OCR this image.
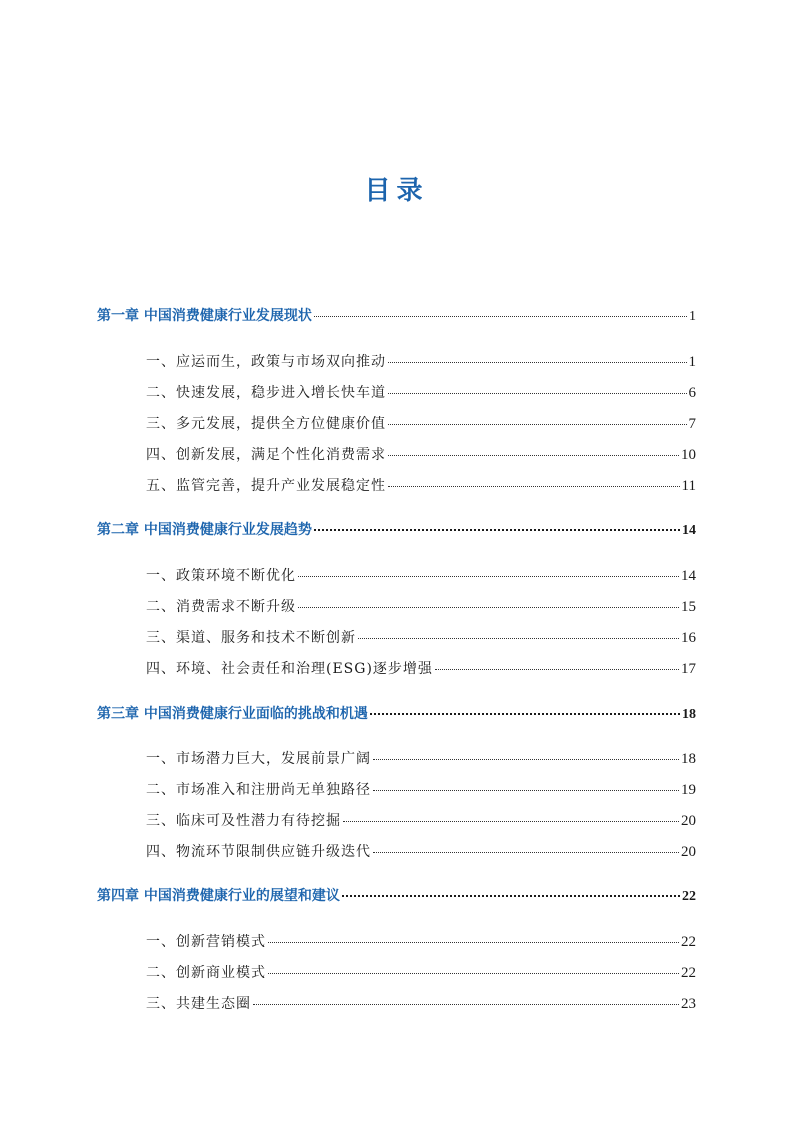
目录
第一章 中国消费健康行业发展现状	1
一、应运而生，政策与市场双向推动	1
二、快速发展，稳步进入增长快车道	6
三、多元发展，提供全方位健康价值	7
四、创新发展，满足个性化消费需求	10
五、监管完善，提升产业发展稳定性	11
第二章 中国消费健康行业发展趋势	14
一、政策环境不断优化	14
二、消费需求不断升级	15
三、渠道、服务和技术不断创新	16
四、环境、社会责任和治理(ESG)逐步增强	17
第三章 中国消费健康行业面临的挑战和机遇	18
一、市场潜力巨大，发展前景广阔	18
二、市场准入和注册尚无单独路径	19
三、临床可及性潜力有待挖掘	20
四、物流环节限制供应链升级迭代	20
第四章 中国消费健康行业的展望和建议	22
一、创新营销模式	22
二、创新商业模式	22
三、共建生态圈	23
